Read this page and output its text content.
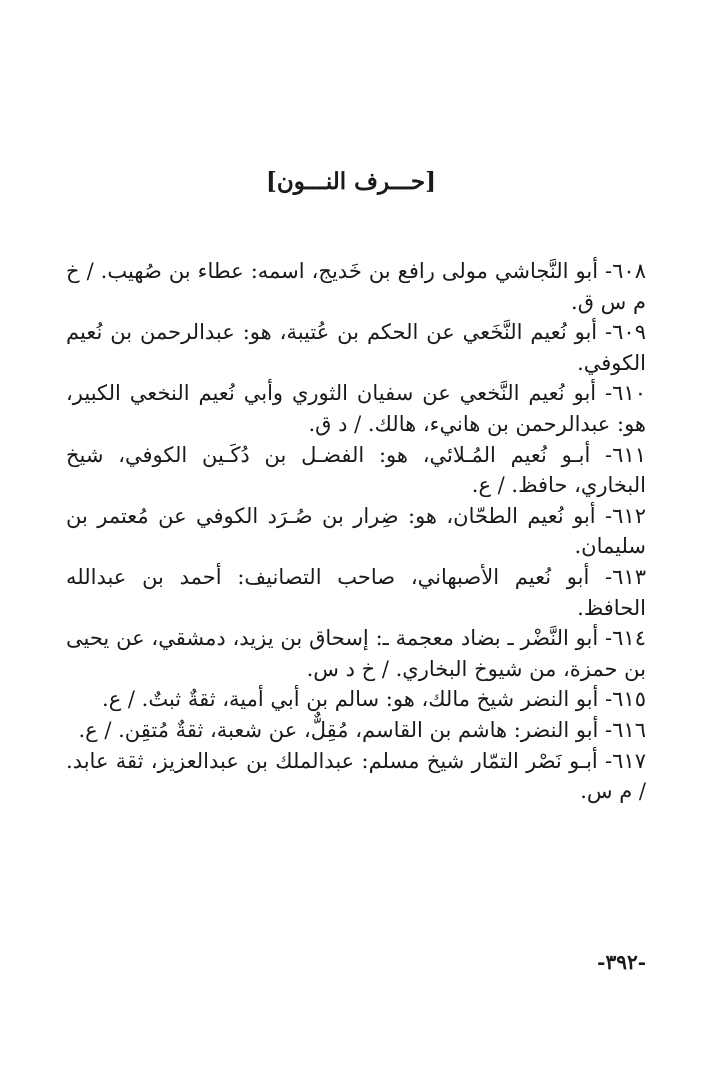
[حـــرف النـــون]

٦٠٨- أبو النَّجاشي مولى رافع بن خَديج، اسمه: عطاء بن صُهيب. / خ م س ق.

٦٠٩- أبو نُعيم النَّخَعي عن الحكم بن عُتيبة، هو: عبدالرحمن بن نُعيم الكوفي.

٦١٠- أبو نُعيم النَّخعي عن سفيان الثوري وأبي نُعيم النخعي الكبير، هو: عبدالرحمن بن هانيء، هالك. / د ق.

٦١١- أبـو نُعيم المُـلائي، هو: الفضـل بن دُكَـين الكوفي، شيخ البخاري، حافظ. / ع.

٦١٢- أبو نُعيم الطحّان، هو: ضِرار بن صُـرَد الكوفي عن مُعتمر بن سليمان.

٦١٣- أبو نُعيم الأصبهاني، صاحب التصانيف: أحمد بن عبدالله الحافظ.

٦١٤- أبو النَّضْر ـ بضاد معجمة ـ: إسحاق بن يزيد، دمشقي، عن يحيى بن حمزة، من شيوخ البخاري. / خ د س.

٦١٥- أبو النضر شيخ مالك، هو: سالم بن أبي أمية، ثقةٌ ثبتٌ. / ع.

٦١٦- أبو النضر: هاشم بن القاسم، مُقِلٌّ، عن شعبة، ثقةٌ مُتقِن. / ع.

٦١٧- أبـو نَصْر التمّار شيخ مسلم: عبدالملك بن عبدالعزيز، ثقة عابد. / م س.

-٣٩٢-
